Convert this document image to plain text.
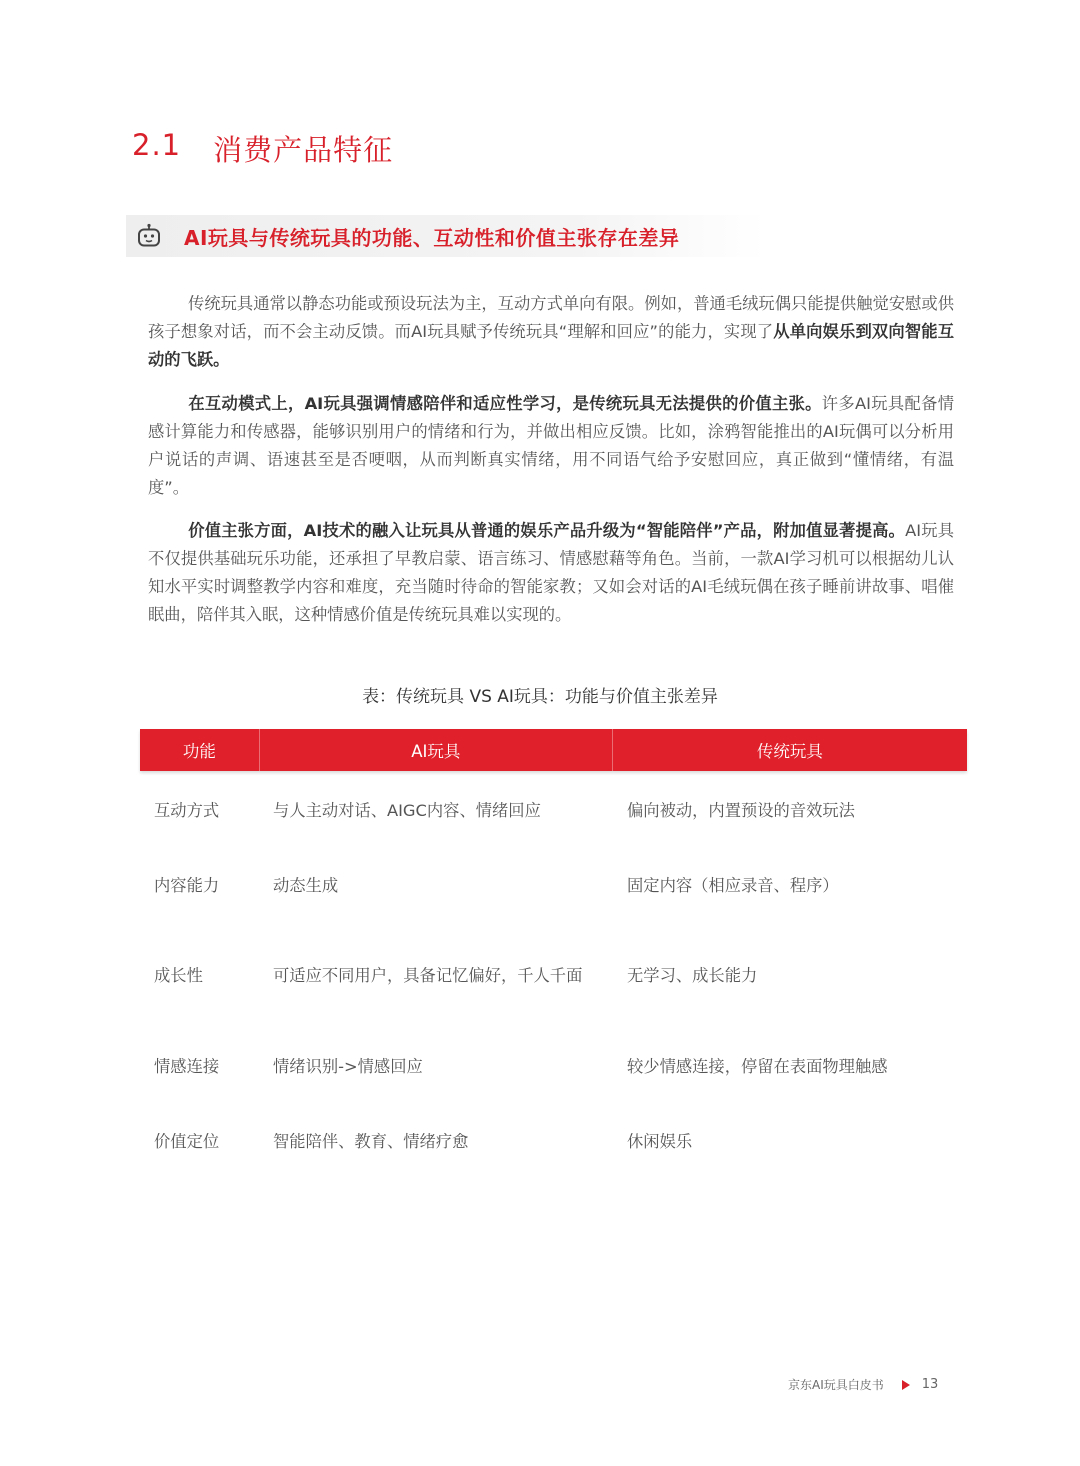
2.1 消费产品特征
AI玩具与传统玩具的功能、互动性和价值主张存在差异

传统玩具通常以静态功能或预设玩法为主，互动方式单向有限。例如，普通毛绒玩偶只能提供触觉安慰或供孩子想象对话，而不会主动反馈。而AI玩具赋予传统玩具“理解和回应”的能力，实现了从单向娱乐到双向智能互动的飞跃。

在互动模式上，AI玩具强调情感陪伴和适应性学习，是传统玩具无法提供的价值主张。许多AI玩具配备情感计算能力和传感器，能够识别用户的情绪和行为，并做出相应反馈。比如，涂鸦智能推出的AI玩偶可以分析用户说话的声调、语速甚至是否哽咽，从而判断真实情绪，用不同语气给予安慰回应，真正做到“懂情绪，有温度”。

价值主张方面，AI技术的融入让玩具从普通的娱乐产品升级为“智能陪伴”产品，附加值显著提高。AI玩具不仅提供基础玩乐功能，还承担了早教启蒙、语言练习、情感慰藉等角色。当前，一款AI学习机可以根据幼儿认知水平实时调整教学内容和难度，充当随时待命的智能家教；又如会对话的AI毛绒玩偶在孩子睡前讲故事、唱催眠曲，陪伴其入眠，这种情感价值是传统玩具难以实现的。

表：传统玩具 VS AI玩具：功能与价值主张差异
功能	AI玩具	传统玩具
互动方式	与人主动对话、AIGC内容、情绪回应	偏向被动，内置预设的音效玩法
内容能力	动态生成	固定内容（相应录音、程序）
成长性	可适应不同用户，具备记忆偏好，千人千面	无学习、成长能力
情感连接	情绪识别->情感回应	较少情感连接，停留在表面物理触感
价值定位	智能陪伴、教育、情绪疗愈	休闲娱乐
京东AI玩具白皮书	13
